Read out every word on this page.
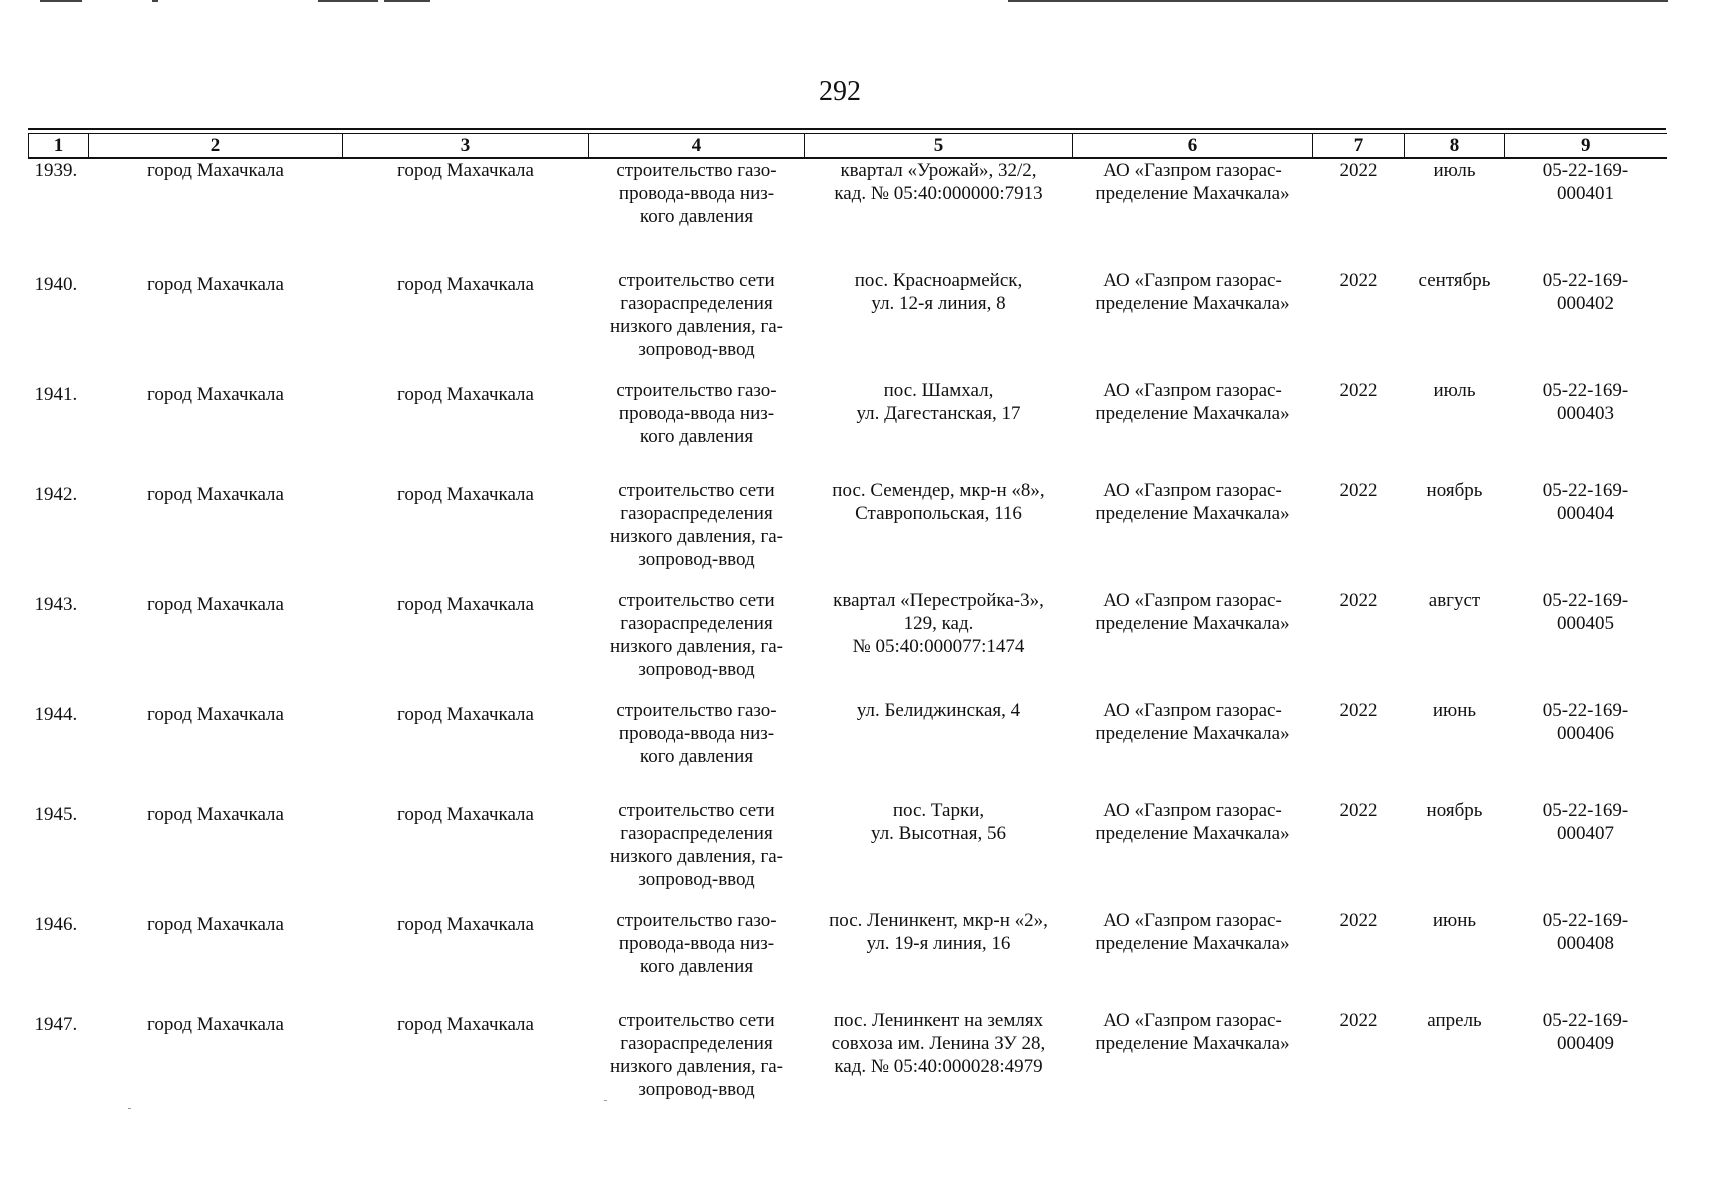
292
1	2	3	4	5	6	7	8	9

1939.	город Махачкала	город Махачкала	строительство газо-
провода-ввода низ-
кого давления	квартал «Урожай», 32/2,
кад. № 05:40:000000:7913	АО «Газпром газорас-
пределение Махачкала»	2022	июль	05-22-169-
000401

1940.	город Махачкала	город Махачкала	строительство сети
газораспределения
низкого давления, га-
зопровод-ввод	пос. Красноармейск,
ул. 12-я линия, 8	АО «Газпром газорас-
пределение Махачкала»	2022	сентябрь	05-22-169-
000402

1941.	город Махачкала	город Махачкала	строительство газо-
провода-ввода низ-
кого давления	пос. Шамхал,
ул. Дагестанская, 17	АО «Газпром газорас-
пределение Махачкала»	2022	июль	05-22-169-
000403

1942.	город Махачкала	город Махачкала	строительство сети
газораспределения
низкого давления, га-
зопровод-ввод	пос. Семендер, мкр-н «8»,
Ставропольская, 116	АО «Газпром газорас-
пределение Махачкала»	2022	ноябрь	05-22-169-
000404

1943.	город Махачкала	город Махачкала	строительство сети
газораспределения
низкого давления, га-
зопровод-ввод	квартал «Перестройка-3»,
129, кад.
№ 05:40:000077:1474	АО «Газпром газорас-
пределение Махачкала»	2022	август	05-22-169-
000405

1944.	город Махачкала	город Махачкала	строительство газо-
провода-ввода низ-
кого давления	ул. Белиджинская, 4	АО «Газпром газорас-
пределение Махачкала»	2022	июнь	05-22-169-
000406

1945.	город Махачкала	город Махачкала	строительство сети
газораспределения
низкого давления, га-
зопровод-ввод	пос. Тарки,
ул. Высотная, 56	АО «Газпром газорас-
пределение Махачкала»	2022	ноябрь	05-22-169-
000407

1946.	город Махачкала	город Махачкала	строительство газо-
провода-ввода низ-
кого давления	пос. Ленинкент, мкр-н «2»,
ул. 19-я линия, 16	АО «Газпром газорас-
пределение Махачкала»	2022	июнь	05-22-169-
000408

1947.	город Махачкала	город Махачкала	строительство сети
газораспределения
низкого давления, га-
зопровод-ввод	пос. Ленинкент на землях
совхоза им. Ленина ЗУ 28,
кад. № 05:40:000028:4979	АО «Газпром газорас-
пределение Махачкала»	2022	апрель	05-22-169-
000409
